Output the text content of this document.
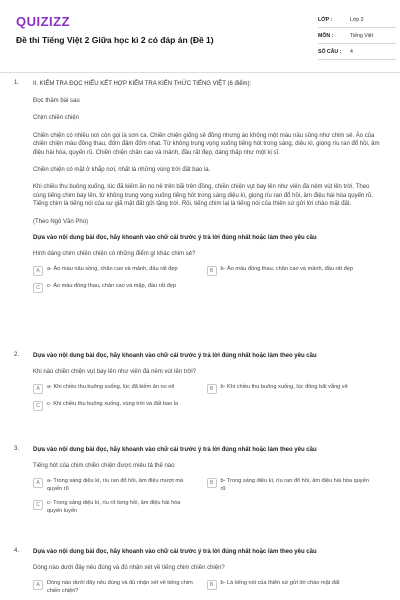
QUIZIZZ
Đề thi Tiếng Việt 2 Giữa học kì 2 có đáp án (Đề 1)
LỚP :	Lớp 2
MÔN :	Tiếng Việt
SỐ CÂU :	4
1. II. KIỂM TRA ĐỌC HIỂU KẾT HỢP KIỂM TRA KIẾN THỨC TIẾNG VIỆT (6 điểm):
Đọc thầm bài sau
Chim chiền chiện
Chiền chiện có nhiều nơi còn gọi là sơn ca. Chiền chiện giống sẻ đồng nhưng áo không một màu nâu sồng như chim sẻ. Áo của chiền chiện màu đồng thau, đốm đậm đốm nhạt. Từ không trung vọng xuống tiếng hót trong sáng, diệu kì, giọng ríu ran đổ hồi, âm điệu hài hòa, quyến rũ. Chiền chiện chân cao và mảnh, đầu rất đẹp, dáng thấp như một kị sĩ.
Chiền chiện có mặt ở khắp nơi, nhất là những vùng trời đất bao la.
Khi chiều thu buông xuống, lúc đã kiếm ăn no nê trên bãi trên đồng, chiền chiện vụt bay lên như viên đá ném vút lên trời. Theo cùng tiếng chim bay lên, từ không trung vọng xuống tiếng hót trong sáng diệu kì, giọng ríu ran đổ hồi, âm điệu hài hòa quyến rũ. Tiếng chim là tiếng nói của sự giã mặt đất gửi tặng trời. Rồi, tiếng chim lại là tiếng nói của thiên sứ gửi lời chào mặt đất.
(Theo Ngô Văn Phú)
Dựa vào nội dung bài đọc, hãy khoanh vào chữ cái trước ý trả lời đúng nhất hoặc làm theo yêu cầu
Hình dáng chim chiền chiện có những điểm gì khác chim sẻ?
A	a- Áo màu nâu sồng, chân cao và mảnh, đầu rất đẹp	B	b- Áo màu đồng thau, chân cao và mảnh, đầu rất đẹp
C	c- Áo màu đồng thau, chân cao và mập, đầu rất đẹp
2. Dựa vào nội dung bài đọc, hãy khoanh vào chữ cái trước ý trả lời đúng nhất hoặc làm theo yêu cầu
Khi nào chiền chiện vụt bay lên như viên đá ném vút lên trời?
A	a- Khi chiều thu buông xuống, lúc đã kiếm ăn no nê	B	b- Khi chiều thu buông xuống, lúc đồng bãi vắng vẻ
C	c- Khi chiều thu buông xuống, vùng trời và đất bao la
3. Dựa vào nội dung bài đọc, hãy khoanh vào chữ cái trước ý trả lời đúng nhất hoặc làm theo yêu cầu
Tiếng hót của chim chiền chiện được miêu tả thế nào
A	a- Trong sáng diệu kì, ríu ran đổ hồi, âm điệu mượt mà quyến rũ
B	b- Trong sáng diệu kì, ríu ran đổ hồi, âm điệu hài hòa quyến rũ
C	c- Trong sáng diệu kì, ríu rít từng hồi, âm điệu hài hòa quyến luyến
4. Dựa vào nội dung bài đọc, hãy khoanh vào chữ cái trước ý trả lời đúng nhất hoặc làm theo yêu cầu
Dòng nào dưới đây nêu đúng và đủ nhận xét về tiếng chim chiền chiện?
A	Dòng nào dưới đây nêu đúng và đủ nhận xét về tiếng chim chiền chiện?
B	b- Là tiếng nói của thiên sứ gửi lời chào mặt đất
